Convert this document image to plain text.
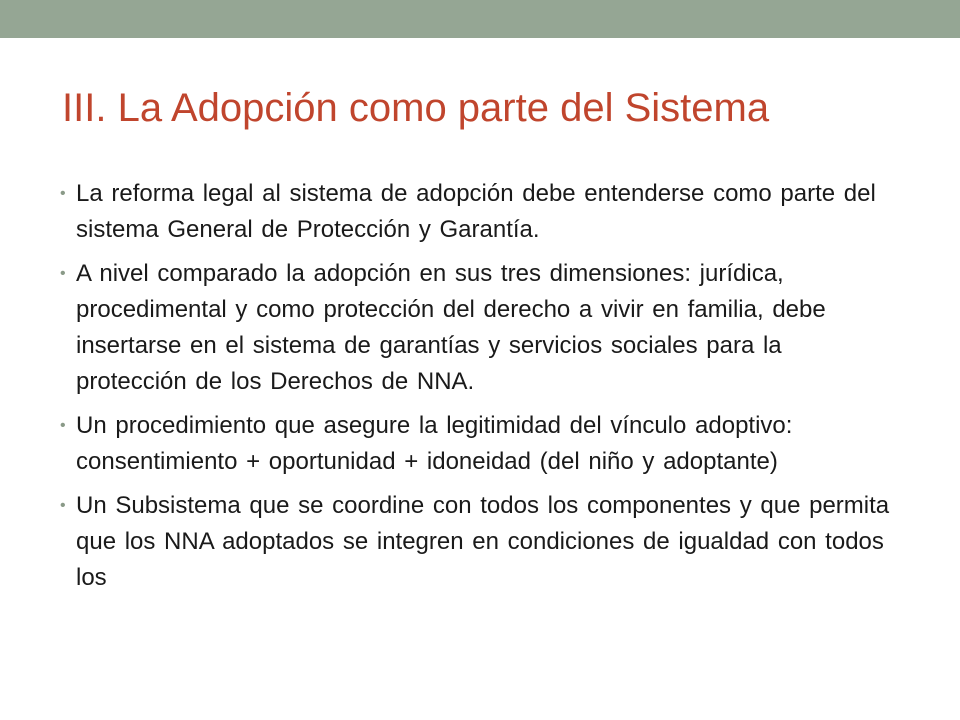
III. La Adopción como parte del Sistema
• La reforma legal al sistema de adopción debe entenderse como parte del sistema General de Protección y Garantía.
• A nivel comparado la adopción en sus tres dimensiones: jurídica, procedimental y como protección del derecho a vivir en familia, debe insertarse en el sistema de garantías y servicios sociales para la protección de los Derechos de NNA.
• Un procedimiento que asegure la legitimidad del vínculo adoptivo: consentimiento + oportunidad + idoneidad (del niño y adoptante)
• Un Subsistema que se coordine con todos los componentes y que permita que los NNA adoptados se integren en condiciones de igualdad con todos los
